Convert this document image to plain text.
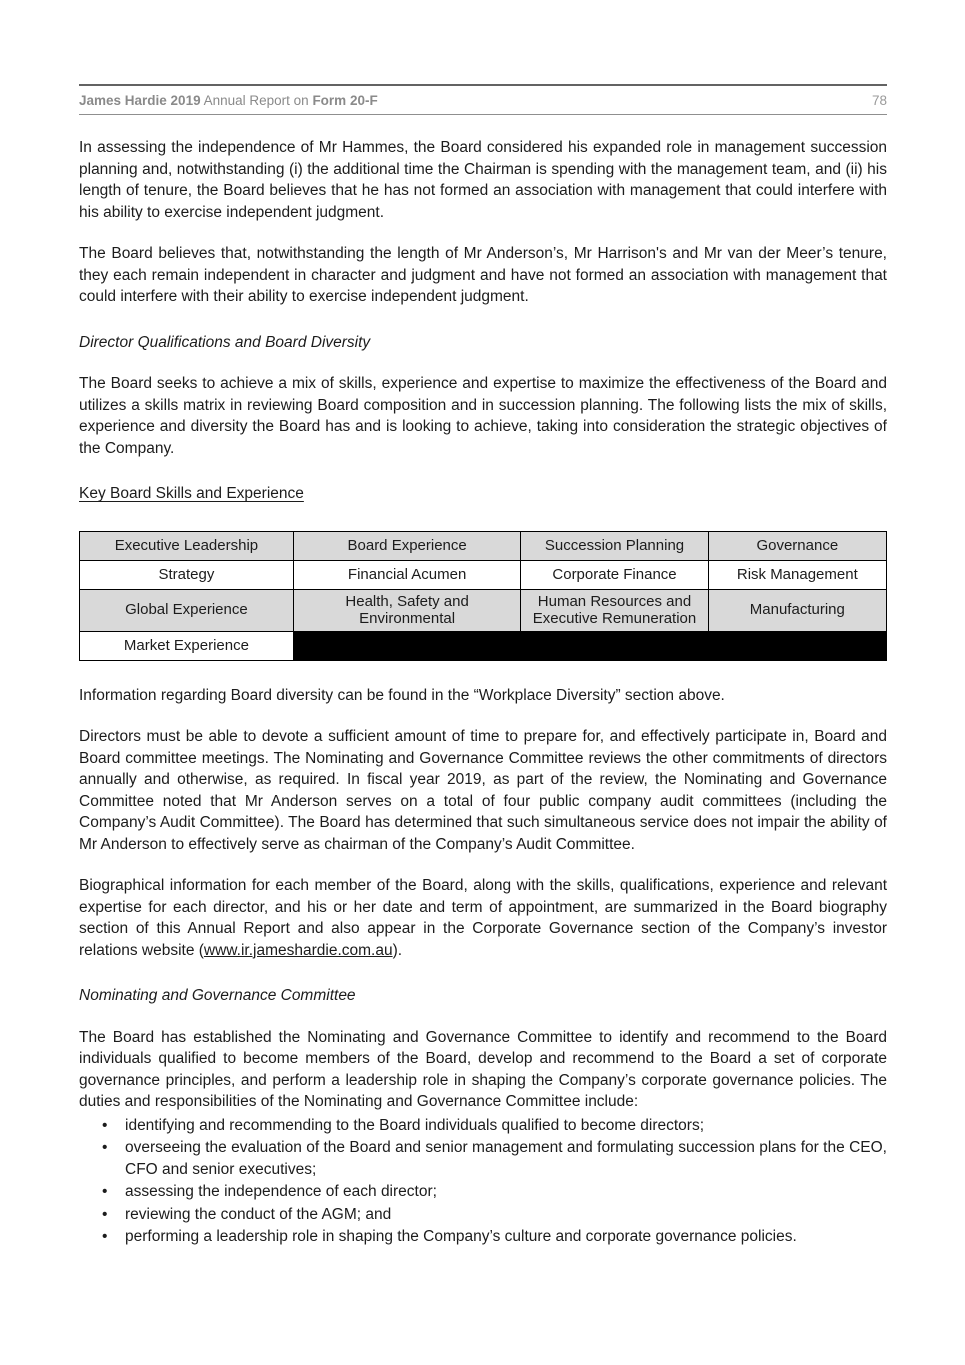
James Hardie 2019 Annual Report on Form 20-F	78

In assessing the independence of Mr Hammes, the Board considered his expanded role in management succession planning and, notwithstanding (i) the additional time the Chairman is spending with the management team, and (ii) his length of tenure, the Board believes that he has not formed an association with management that could interfere with his ability to exercise independent judgment.

The Board believes that, notwithstanding the length of Mr Anderson’s, Mr Harrison's and Mr van der Meer’s tenure, they each remain independent in character and judgment and have not formed an association with management that could interfere with their ability to exercise independent judgment.

Director Qualifications and Board Diversity

The Board seeks to achieve a mix of skills, experience and expertise to maximize the effectiveness of the Board and utilizes a skills matrix in reviewing Board composition and in succession planning. The following lists the mix of skills, experience and diversity the Board has and is looking to achieve, taking into consideration the strategic objectives of the Company.

Key Board Skills and Experience
Executive Leadership	Board Experience	Succession Planning	Governance
Strategy	Financial Acumen	Corporate Finance	Risk Management
Global Experience	Health, Safety and Environmental	Human Resources and Executive Remuneration	Manufacturing
Market Experience			

Information regarding Board diversity can be found in the “Workplace Diversity” section above.

Directors must be able to devote a sufficient amount of time to prepare for, and effectively participate in, Board and Board committee meetings. The Nominating and Governance Committee reviews the other commitments of directors annually and otherwise, as required. In fiscal year 2019, as part of the review, the Nominating and Governance Committee noted that Mr Anderson serves on a total of four public company audit committees (including the Company’s Audit Committee). The Board has determined that such simultaneous service does not impair the ability of Mr Anderson to effectively serve as chairman of the Company’s Audit Committee.

Biographical information for each member of the Board, along with the skills, qualifications, experience and relevant expertise for each director, and his or her date and term of appointment, are summarized in the Board biography section of this Annual Report and also appear in the Corporate Governance section of the Company’s investor relations website (www.ir.jameshardie.com.au).

Nominating and Governance Committee

The Board has established the Nominating and Governance Committee to identify and recommend to the Board individuals qualified to become members of the Board, develop and recommend to the Board a set of corporate governance principles, and perform a leadership role in shaping the Company’s corporate governance policies. The duties and responsibilities of the Nominating and Governance Committee include:

• identifying and recommending to the Board individuals qualified to become directors;
• overseeing the evaluation of the Board and senior management and formulating succession plans for the CEO, CFO and senior executives;
• assessing the independence of each director;
• reviewing the conduct of the AGM; and
• performing a leadership role in shaping the Company’s culture and corporate governance policies.
